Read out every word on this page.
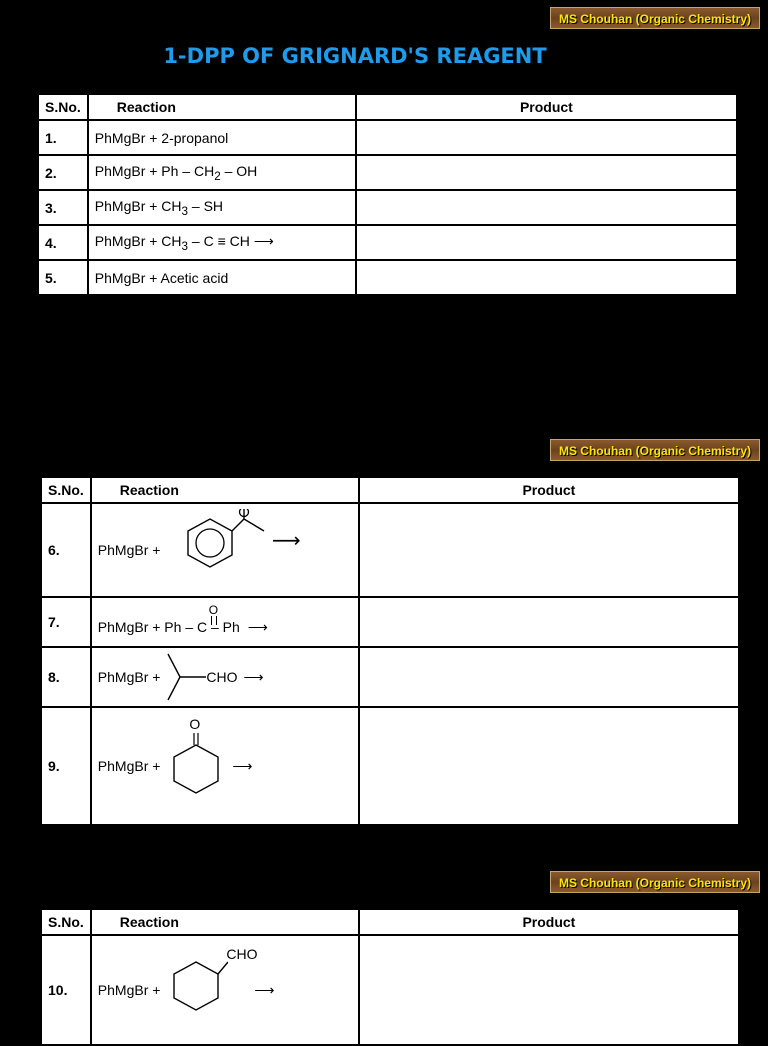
MS Chouhan (Organic Chemistry)
1-DPP OF GRIGNARD'S REAGENT
S.No.	Reaction	Product
1.	PhMgBr + 2-propanol	
2.	PhMgBr + Ph – $CH_2$ – OH	
3.	PhMgBr + $CH_3$ – SH	
4.	PhMgBr + $CH_3$ – C ≡ CH ⟶	
5.	PhMgBr + Acetic acid	
MS Chouhan (Organic Chemistry)
S.No.	Reaction	Product
6.	PhMgBr + ⟶	

7.	O
PhMgBr + Ph – C – Ph ⟶	

8.	PhMgBr + CHO ⟶	

9.	PhMgBr +
O
⟶	

MS Chouhan (Organic Chemistry)
S.No.	Reaction	Product
10.	PhMgBr +
CHO
⟶	
